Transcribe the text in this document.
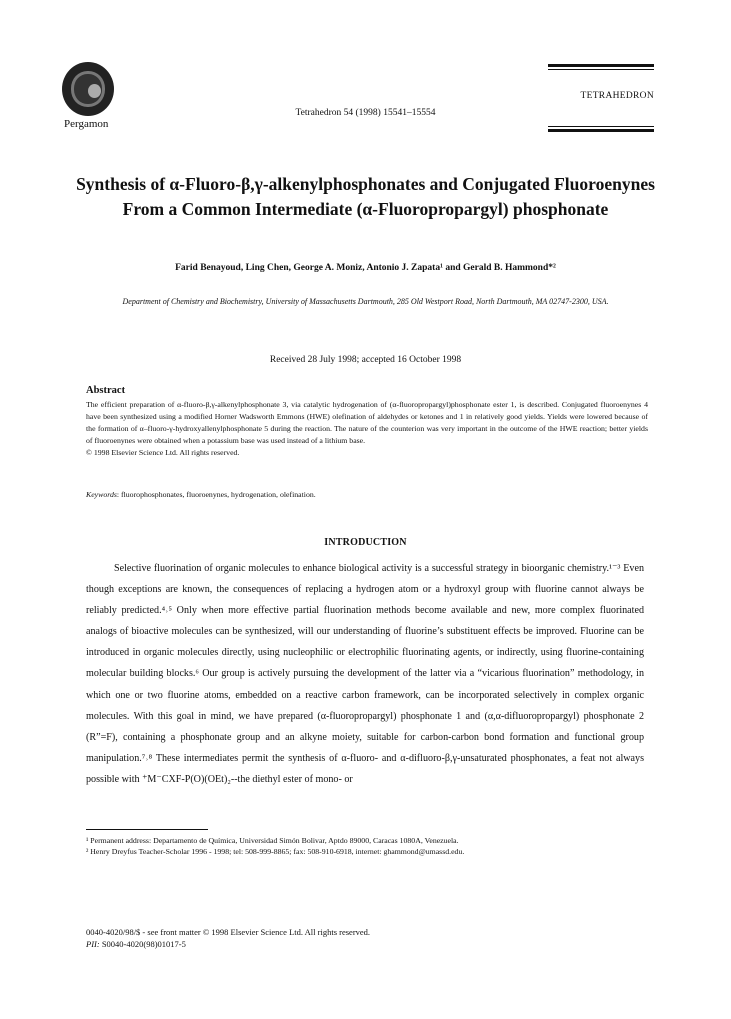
Pergamon
Tetrahedron 54 (1998) 15541–15554
TETRAHEDRON
Synthesis of α-Fluoro-β,γ-alkenylphosphonates and Conjugated Fluoroenynes From a Common Intermediate (α-Fluoropropargyl) phosphonate
Farid Benayoud, Ling Chen, George A. Moniz, Antonio J. Zapata¹ and Gerald B. Hammond*²
Department of Chemistry and Biochemistry, University of Massachusetts Dartmouth, 285 Old Westport Road, North Dartmouth, MA 02747-2300, USA.
Received 28 July 1998; accepted 16 October 1998
Abstract
The efficient preparation of α-fluoro-β,γ-alkenylphosphonate 3, via catalytic hydrogenation of (α-fluoropropargyl)phosphonate ester 1, is described. Conjugated fluoroenynes 4 have been synthesized using a modified Horner Wadsworth Emmons (HWE) olefination of aldehydes or ketones and 1 in relatively good yields. Yields were lowered because of the formation of α–fluoro-γ-hydroxyallenylphosphonate 5 during the reaction. The nature of the counterion was very important in the outcome of the HWE reaction; better yields of fluoroenynes were obtained when a potassium base was used instead of a lithium base.
© 1998 Elsevier Science Ltd. All rights reserved.
Keywords: fluorophosphonates, fluoroenynes, hydrogenation, olefination.
INTRODUCTION

Selective fluorination of organic molecules to enhance biological activity is a successful strategy in bioorganic chemistry.¹⁻³ Even though exceptions are known, the consequences of replacing a hydrogen atom or a hydroxyl group with fluorine cannot always be reliably predicted.⁴˒⁵ Only when more effective partial fluorination methods become available and new, more complex fluorinated analogs of bioactive molecules can be synthesized, will our understanding of fluorine’s substituent effects be improved. Fluorine can be introduced in organic molecules directly, using nucleophilic or electrophilic fluorinating agents, or indirectly, using fluorine-containing molecular building blocks.⁶ Our group is actively pursuing the development of the latter via a “vicarious fluorination” methodology, in which one or two fluorine atoms, embedded on a reactive carbon framework, can be incorporated selectively in complex organic molecules. With this goal in mind, we have prepared (α-fluoropropargyl) phosphonate 1 and (α,α-difluoropropargyl) phosphonate 2 (R”=F), containing a phosphonate group and an alkyne moiety, suitable for carbon-carbon bond formation and functional group manipulation.⁷˒⁸ These intermediates permit the synthesis of α-fluoro- and α-difluoro-β,γ-unsaturated phosphonates, a feat not always possible with ⁺M⁻CXF-P(O)(OEt)₂--the diethyl ester of mono- or

¹ Permanent address: Departamento de Química, Universidad Simón Bolivar, Aptdo 89000, Caracas 1080A, Venezuela.
² Henry Dreyfus Teacher-Scholar 1996 - 1998; tel: 508-999-8865; fax: 508-910-6918, internet: ghammond@umassd.edu.
0040-4020/98/$ - see front matter © 1998 Elsevier Science Ltd. All rights reserved.
PII: S0040-4020(98)01017-5
